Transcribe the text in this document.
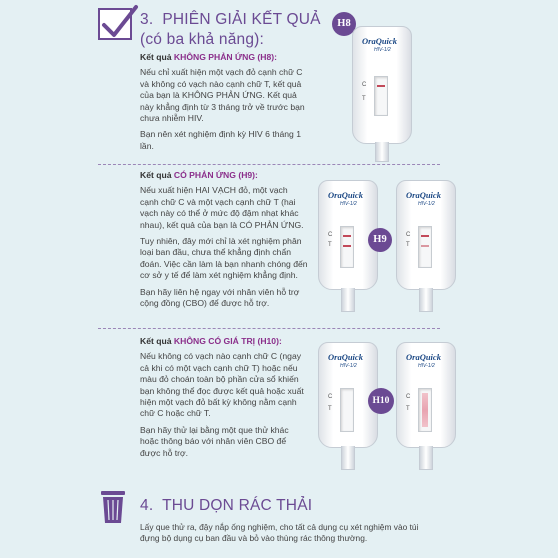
3. PHIÊN GIẢI KẾT QUẢ
(có ba khả năng):

Kết quả KHÔNG PHẢN ỨNG (H8):

Nếu chỉ xuất hiện một vạch đỏ cạnh chữ C và không có vạch nào cạnh chữ T, kết quả của bạn là KHÔNG PHẢN ỨNG. Kết quả này khẳng định từ 3 tháng trở về trước bạn chưa nhiễm HIV.

Bạn nên xét nghiệm định kỳ HIV 6 tháng 1 lần.

H8
OraQuick
HIV-1/2
C
T

Kết quả CÓ PHẢN ỨNG (H9):

Nếu xuất hiện HAI VẠCH đỏ, một vạch cạnh chữ C và một vạch cạnh chữ T (hai vạch này có thể ở mức độ đậm nhạt khác nhau), kết quả của bạn là CÓ PHẢN ỨNG.

Tuy nhiên, đây mới chỉ là xét nghiệm phân loại ban đầu, chưa thể khẳng định chẩn đoán. Việc cần làm là bạn nhanh chóng đến cơ sở y tế để làm xét nghiệm khẳng định.

Bạn hãy liên hệ ngay với nhân viên hỗ trợ cộng đồng (CBO) để được hỗ trợ.

OraQuick
HIV-1/2
C
T	H9
OraQuick
HIV-1/2
C
T

Kết quả KHÔNG CÓ GIÁ TRỊ (H10):

Nếu không có vạch nào cạnh chữ C (ngay cả khi có một vạch cạnh chữ T) hoặc nếu màu đỏ choán toàn bộ phần cửa sổ khiến bạn không thể đọc được kết quả hoặc xuất hiện một vạch đỏ bất kỳ không nằm cạnh chữ C hoặc chữ T.

Bạn hãy thử lại bằng một que thử khác hoặc thông báo với nhân viên CBO để được hỗ trợ.

OraQuick
HIV-1/2
C
T
H10
OraQuick
HIV-1/2
C
T
4. THU DỌN RÁC THẢI
Lấy que thử ra, đậy nắp ống nghiệm, cho tất cả dụng cụ xét nghiệm vào túi đựng bộ dụng cụ ban đầu và bỏ vào thùng rác thông thường.
